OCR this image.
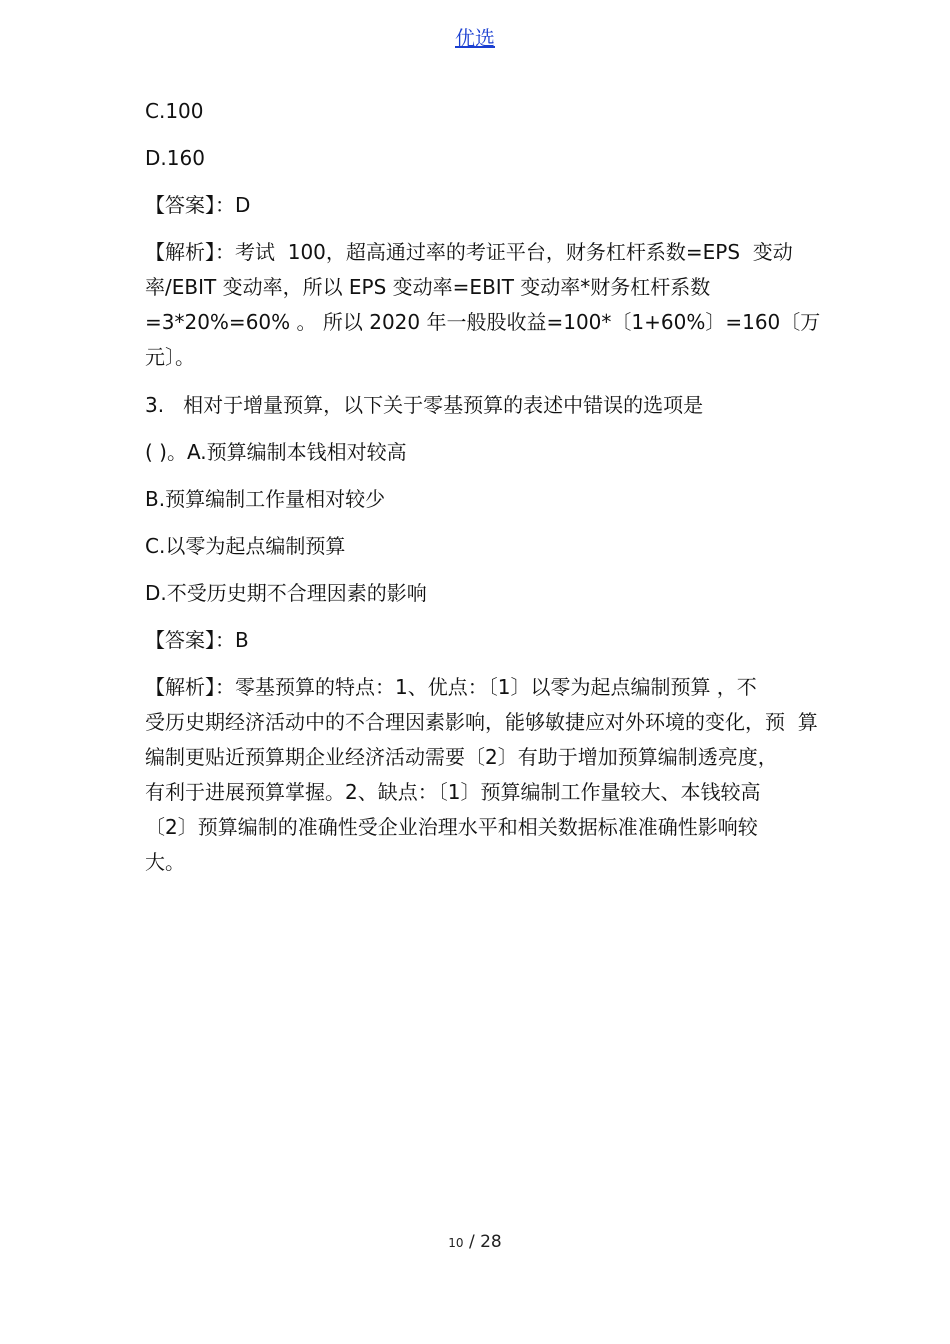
优选
C.100
D.160
【答案】：D
【解析】：考试  100，超高通过率的考证平台，财务杠杆系数=EPS  变动
率/EBIT 变动率，所以 EPS 变动率=EBIT 变动率*财务杠杆系数
=3*20%=60% 。 所以 2020 年一般股收益=100*〔1+60%〕=160〔万
元〕。
3.   相对于增量预算，以下关于零基预算的表述中错误的选项是
( )。A.预算编制本钱相对较高
B.预算编制工作量相对较少
C.以零为起点编制预算
D.不受历史期不合理因素的影响
【答案】：B
【解析】：零基预算的特点：1、优点：〔1〕以零为起点编制预算 ，不
受历史期经济活动中的不合理因素影响，能够敏捷应对外环境的变化，预  算
编制更贴近预算期企业经济活动需要〔2〕有助于增加预算编制透亮度，
有利于进展预算掌握。2、缺点：〔1〕预算编制工作量较大、本钱较高
〔2〕预算编制的准确性受企业治理水平和相关数据标准准确性影响较
大。
10 / 28
